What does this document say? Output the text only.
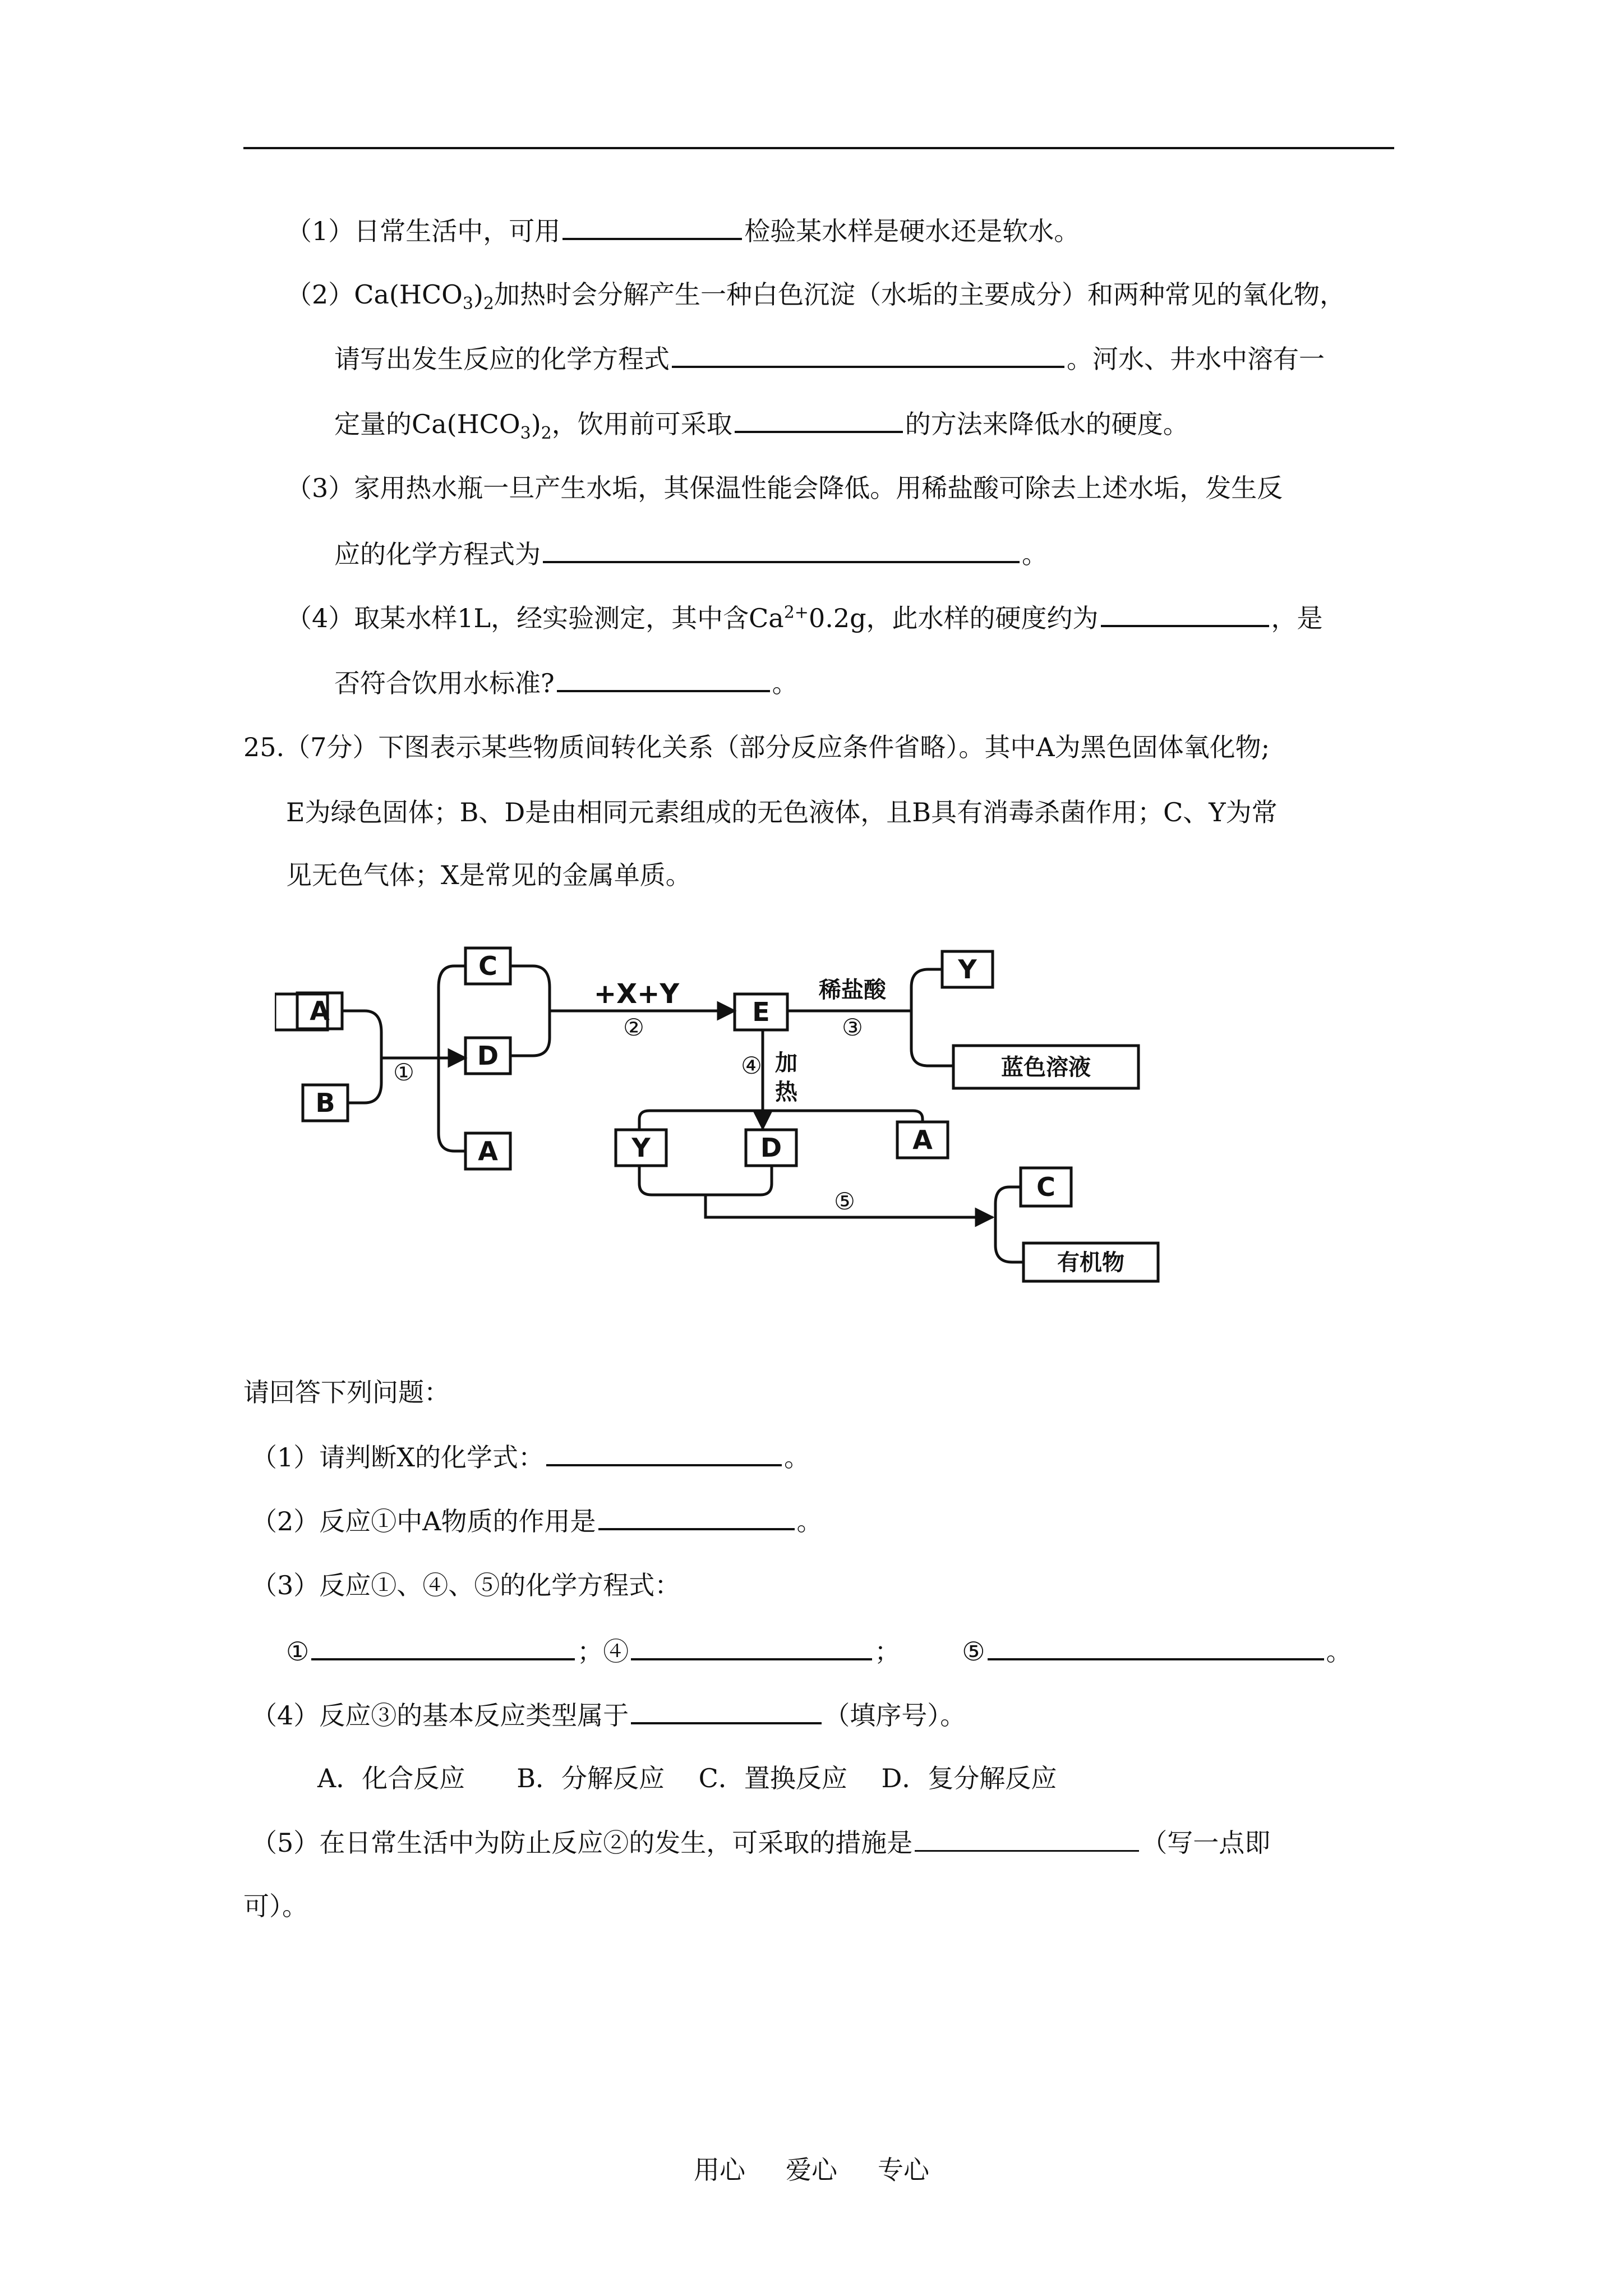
（1）日常生活中，可用	检验某水样是硬水还是软水。
$(2)Ca(HCO_3)_2$加热时会分解产生一种白色沉淀（水垢的主要成分）和两种常见的氧化物，
请写出发生反应的化学方程式	。河水、井水中溶有一
定量的$Ca(HCO_3)_2$，饮用前可采取	的方法来降低水的硬度。
（3）家用热水瓶一旦产生水垢，其保温性能会降低。用稀盐酸可除去上述水垢，发生反
应的化学方程式为	。
（4）取某水样1L，经实验测定，其中含$Ca^{2+}0.2g$，此水样的硬度约为	，是
否符合饮用水标准?	。
25.（7分）下图表示某些物质间转化关系（部分反应条件省略）。其中A为黑色固体氧化物;
E为绿色固体；B、D是由相同元素组成的无色液体，且B具有消毒杀菌作用；C、Y为常
见无色气体；X是常见的金属单质。
A
B
C
D
A
E
Y
Y	D	A
C
+X+Y	稀盐酸
蓝色溶液
加
热
有机物
①
②	③
④
⑤
请回答下列问题：
（1）请判断X的化学式：	。
（2）反应①中A物质的作用是	。
（3）反应①、④、⑤的化学方程式：
①	；④	； ⑤	。
（4）反应③的基本反应类型属于	（填序号）。
A．化合反应　　B．分解反应　 C．置换反应　 D．复分解反应
（5）在日常生活中为防止反应②的发生，可采取的措施是	（写一点即
可）。
用心 爱心 专心
